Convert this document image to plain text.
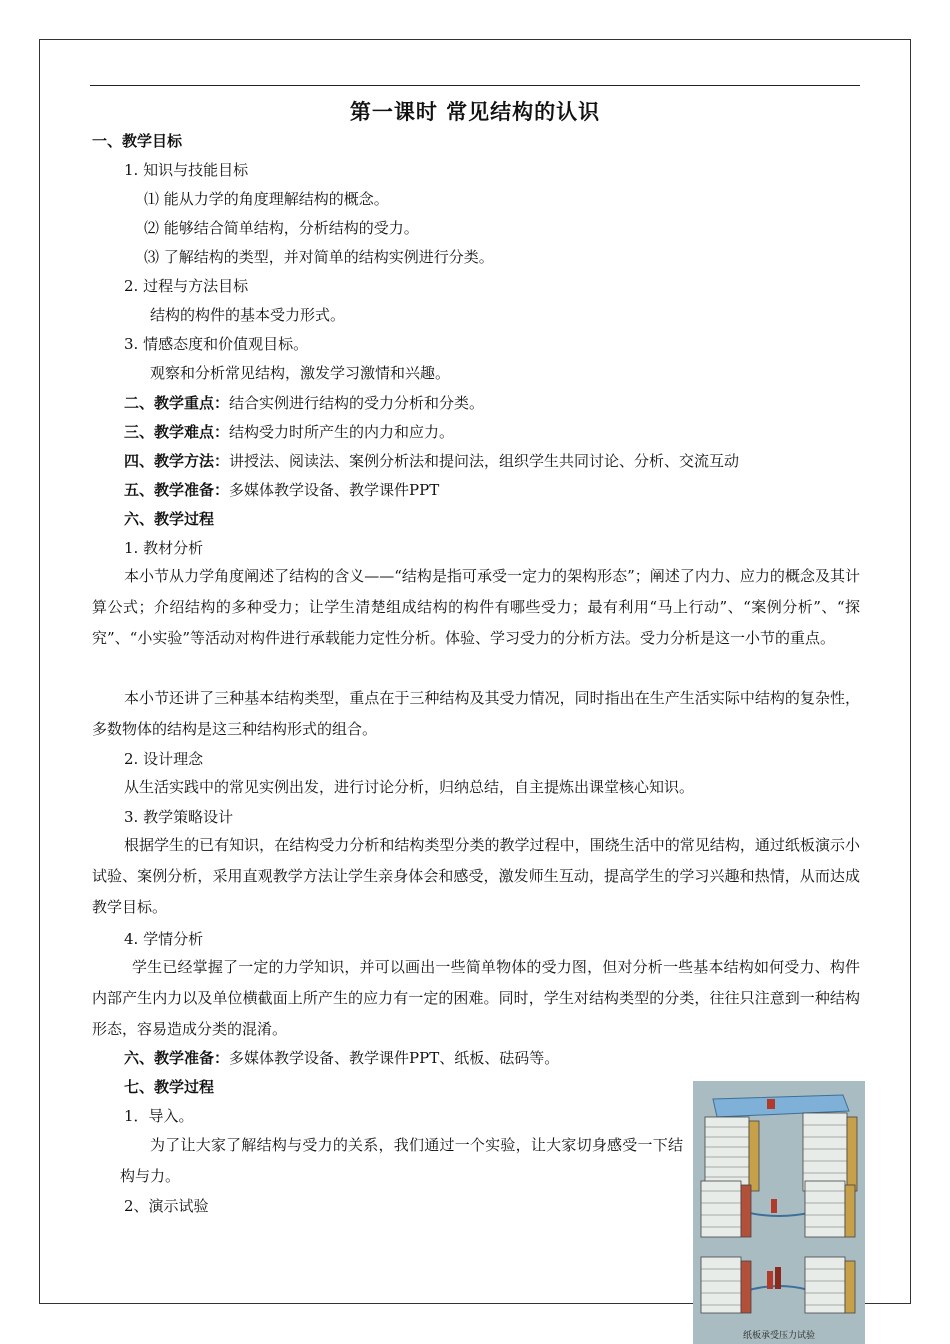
第一课时 常见结构的认识
一、教学目标
1. 知识与技能目标
⑴ 能从力学的角度理解结构的概念。
⑵ 能够结合简单结构，分析结构的受力。
⑶ 了解结构的类型，并对简单的结构实例进行分类。
2. 过程与方法目标
结构的构件的基本受力形式。
3. 情感态度和价值观目标。
观察和分析常见结构，激发学习激情和兴趣。
二、教学重点：结合实例进行结构的受力分析和分类。
三、教学难点：结构受力时所产生的内力和应力。
四、教学方法：讲授法、阅读法、案例分析法和提问法，组织学生共同讨论、分析、交流互动
五、教学准备：多媒体教学设备、教学课件PPT
六、教学过程
1. 教材分析
本小节从力学角度阐述了结构的含义——“结构是指可承受一定力的架构形态”；阐述了内力、应力的概念及其计算公式；介绍结构的多种受力；让学生清楚组成结构的构件有哪些受力；最有利用“马上行动”、“案例分析”、“探究”、“小实验”等活动对构件进行承载能力定性分析。体验、学习受力的分析方法。受力分析是这一小节的重点。
本小节还讲了三种基本结构类型，重点在于三种结构及其受力情况，同时指出在生产生活实际中结构的复杂性，多数物体的结构是这三种结构形式的组合。
2. 设计理念
从生活实践中的常见实例出发，进行讨论分析，归纳总结，自主提炼出课堂核心知识。
3. 教学策略设计
根据学生的已有知识，在结构受力分析和结构类型分类的教学过程中，围绕生活中的常见结构，通过纸板演示小试验、案例分析，采用直观教学方法让学生亲身体会和感受，激发师生互动，提高学生的学习兴趣和热情，从而达成教学目标。
4. 学情分析
学生已经掌握了一定的力学知识，并可以画出一些简单物体的受力图，但对分析一些基本结构如何受力、构件内部产生内力以及单位横截面上所产生的应力有一定的困难。同时，学生对结构类型的分类，往往只注意到一种结构形态，容易造成分类的混淆。
六、教学准备：多媒体教学设备、教学课件PPT、纸板、砝码等。
七、教学过程
1．导入。
为了让大家了解结构与受力的关系，我们通过一个实验，让大家切身感受一下结构与力。
2、演示试验
纸板承受压力试验
